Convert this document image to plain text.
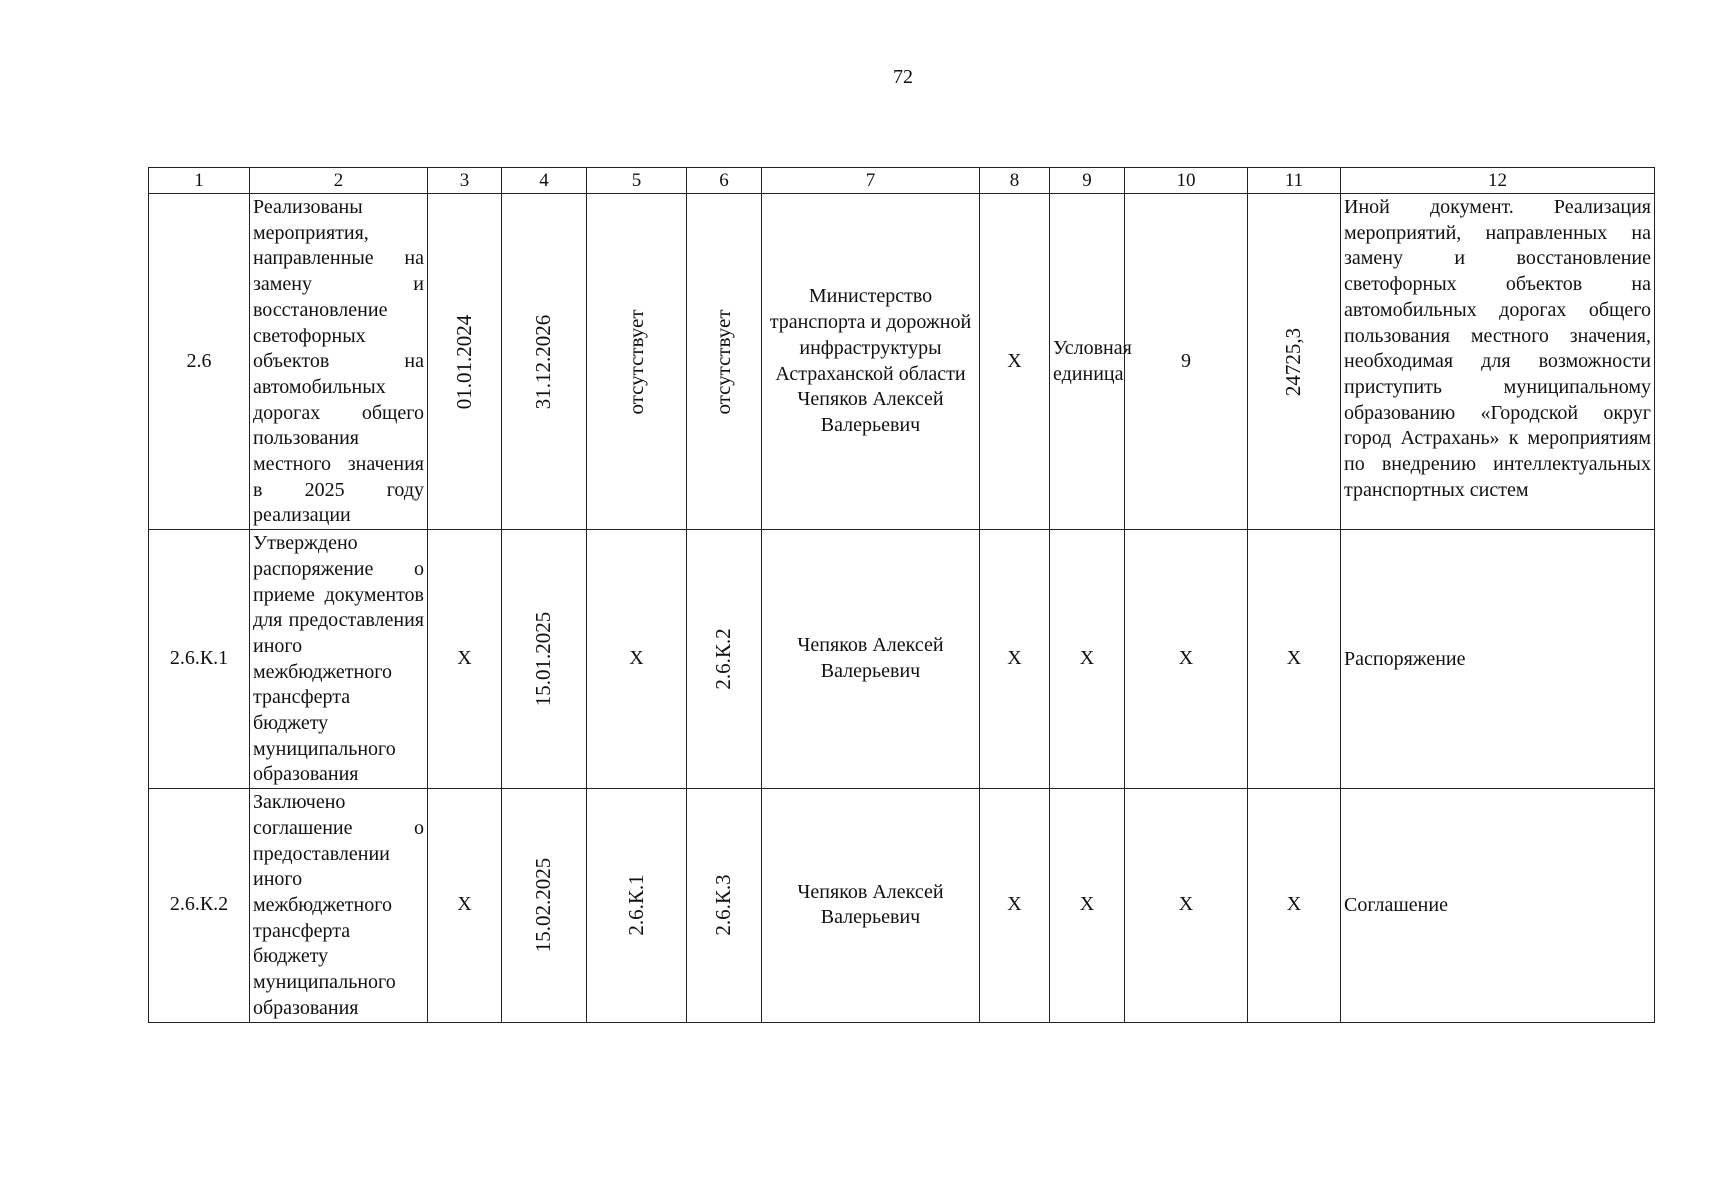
72
1	2	3	4	5	6	7	8	9	10	11	12
2.6	Реализованы мероприятия, направленные на замену и восстановление светофорных объектов на автомобильных дорогах общего пользования местного значения в 2025 году реализации	01.01.2024	31.12.2026	отсутствует	отсутствует	Министерство транспорта и дорожной инфраструктуры Астраханской области Чепяков Алексей Валерьевич	X	Условная единица	9	24725,3	Иной документ. Реализация мероприятий, направленных на замену и восстановление светофорных объектов на автомобильных дорогах общего пользования местного значения, необходимая для возможности приступить муниципальному образованию «Городской округ город Астрахань» к мероприятиям по внедрению интеллектуальных транспортных систем
2.6.К.1	Утверждено распоряжение о приеме документов для предоставления иного межбюджетного трансферта бюджету муниципального образования	X	15.01.2025	X	2.6.К.2	Чепяков Алексей Валерьевич	X	X	X	X	Распоряжение
2.6.К.2	Заключено соглашение о предоставлении иного межбюджетного трансферта бюджету муниципального образования	X	15.02.2025	2.6.К.1	2.6.К.3	Чепяков Алексей Валерьевич	X	X	X	X	Соглашение
